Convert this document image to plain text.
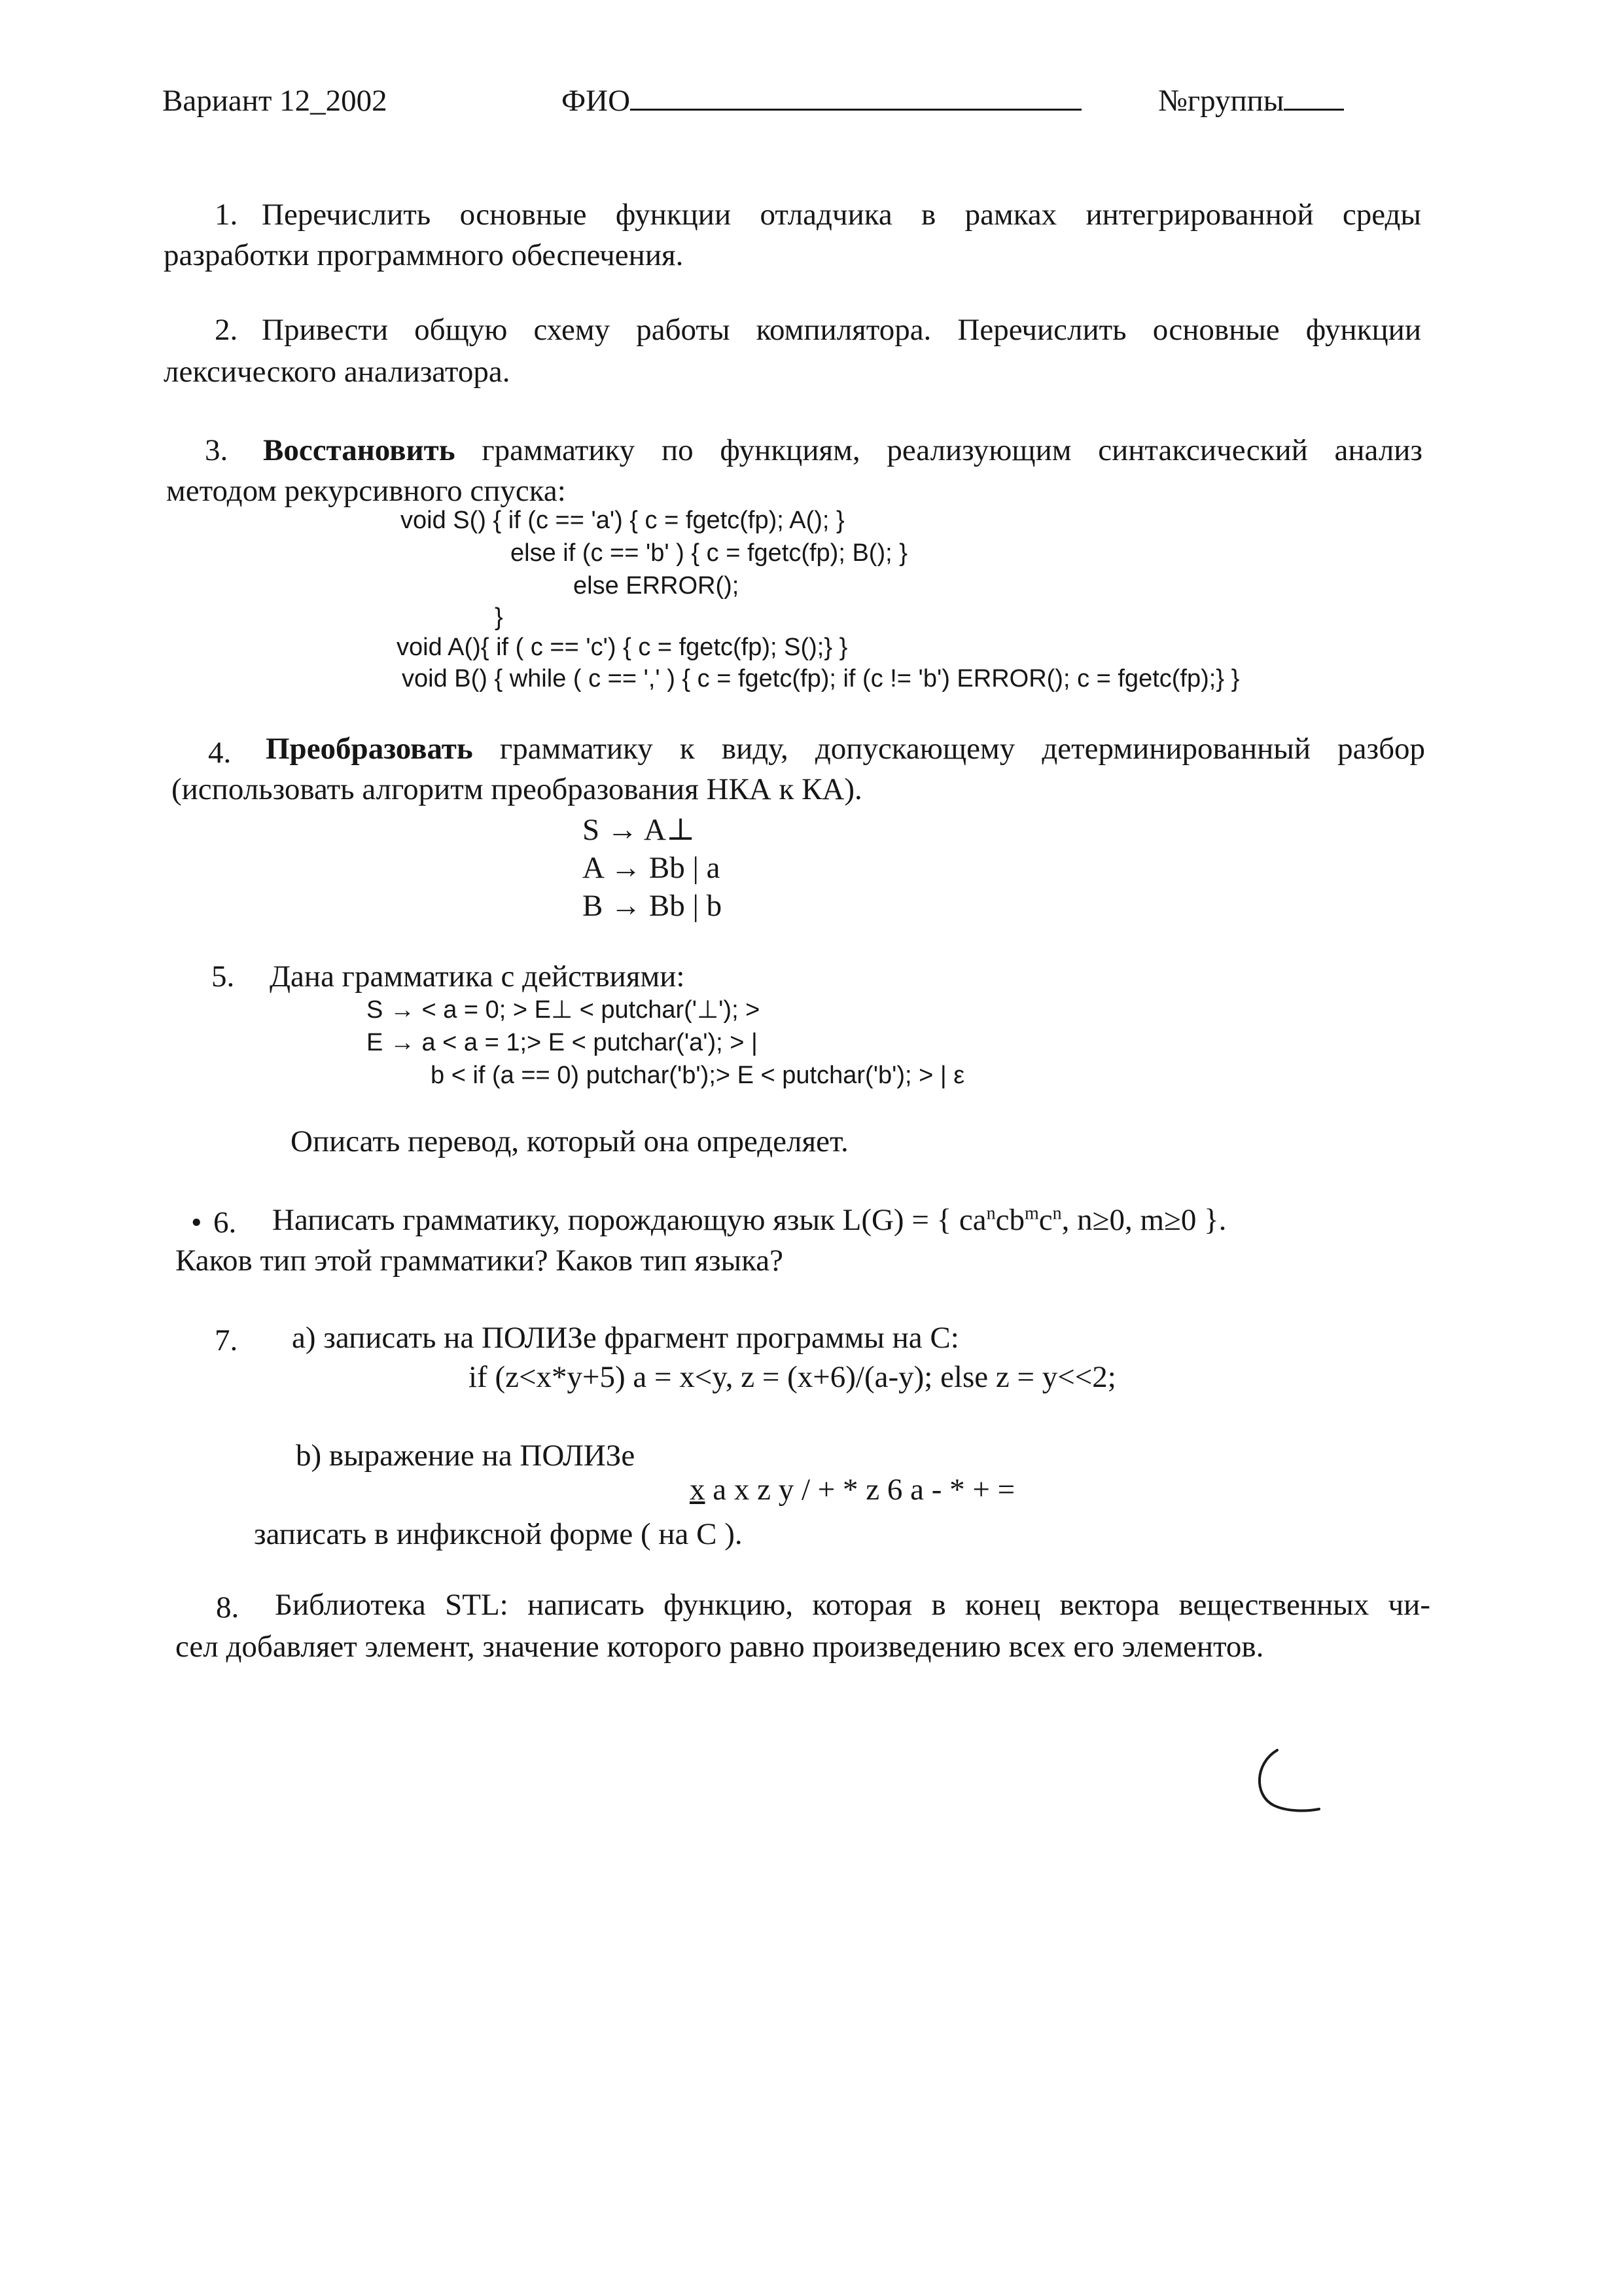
Вариант 12_2002	ФИО	№группы
1. Перечислить основные функции отладчика в рамках интегрированной среды
разработки программного обеспечения.
2. Привести общую схему работы компилятора. Перечислить основные функции
лексического анализатора.
3. Восстановить грамматику по функциям, реализующим синтаксический анализ
методом рекурсивного спуска:
void S() { if (c == 'a') { c = fgetc(fp); A(); }
else if (c == 'b' ) { c = fgetc(fp); B(); }
else ERROR();
}
void A(){ if ( c == 'c') { c = fgetc(fp); S();} }
void B() { while ( c == ',' ) { c = fgetc(fp); if (c != 'b') ERROR(); c = fgetc(fp);} }
4. Преобразовать грамматику к виду, допускающему детерминированный разбор
(использовать алгоритм преобразования НКА к КА).
S → A⊥
A → Bb | a
B → Bb | b
5. Дана грамматика с действиями:
S → < a = 0; > E⊥ < putchar('⊥'); >
E → a < a = 1;> E < putchar('a'); > |
b < if (a == 0) putchar('b');> E < putchar('b'); > | ε
Описать перевод, который она определяет.
• 6. Написать грамматику, порождающую язык L(G) = { $ca^ncb^mc^n$, n≥0, m≥0 }.
Каков тип этой грамматики? Каков тип языка?
7. a) записать на ПОЛИЗе фрагмент программы на С:
if (z<x*y+5) a = x<y, z = (x+6)/(a-y); else z = y<<2;
b) выражение на ПОЛИЗе
x a x z y / + * z 6 a - * + =
записать в инфиксной форме ( на С ).
8. Библиотека STL: написать функцию, которая в конец вектора вещественных чи-
сел добавляет элемент, значение которого равно произведению всех его элементов.
